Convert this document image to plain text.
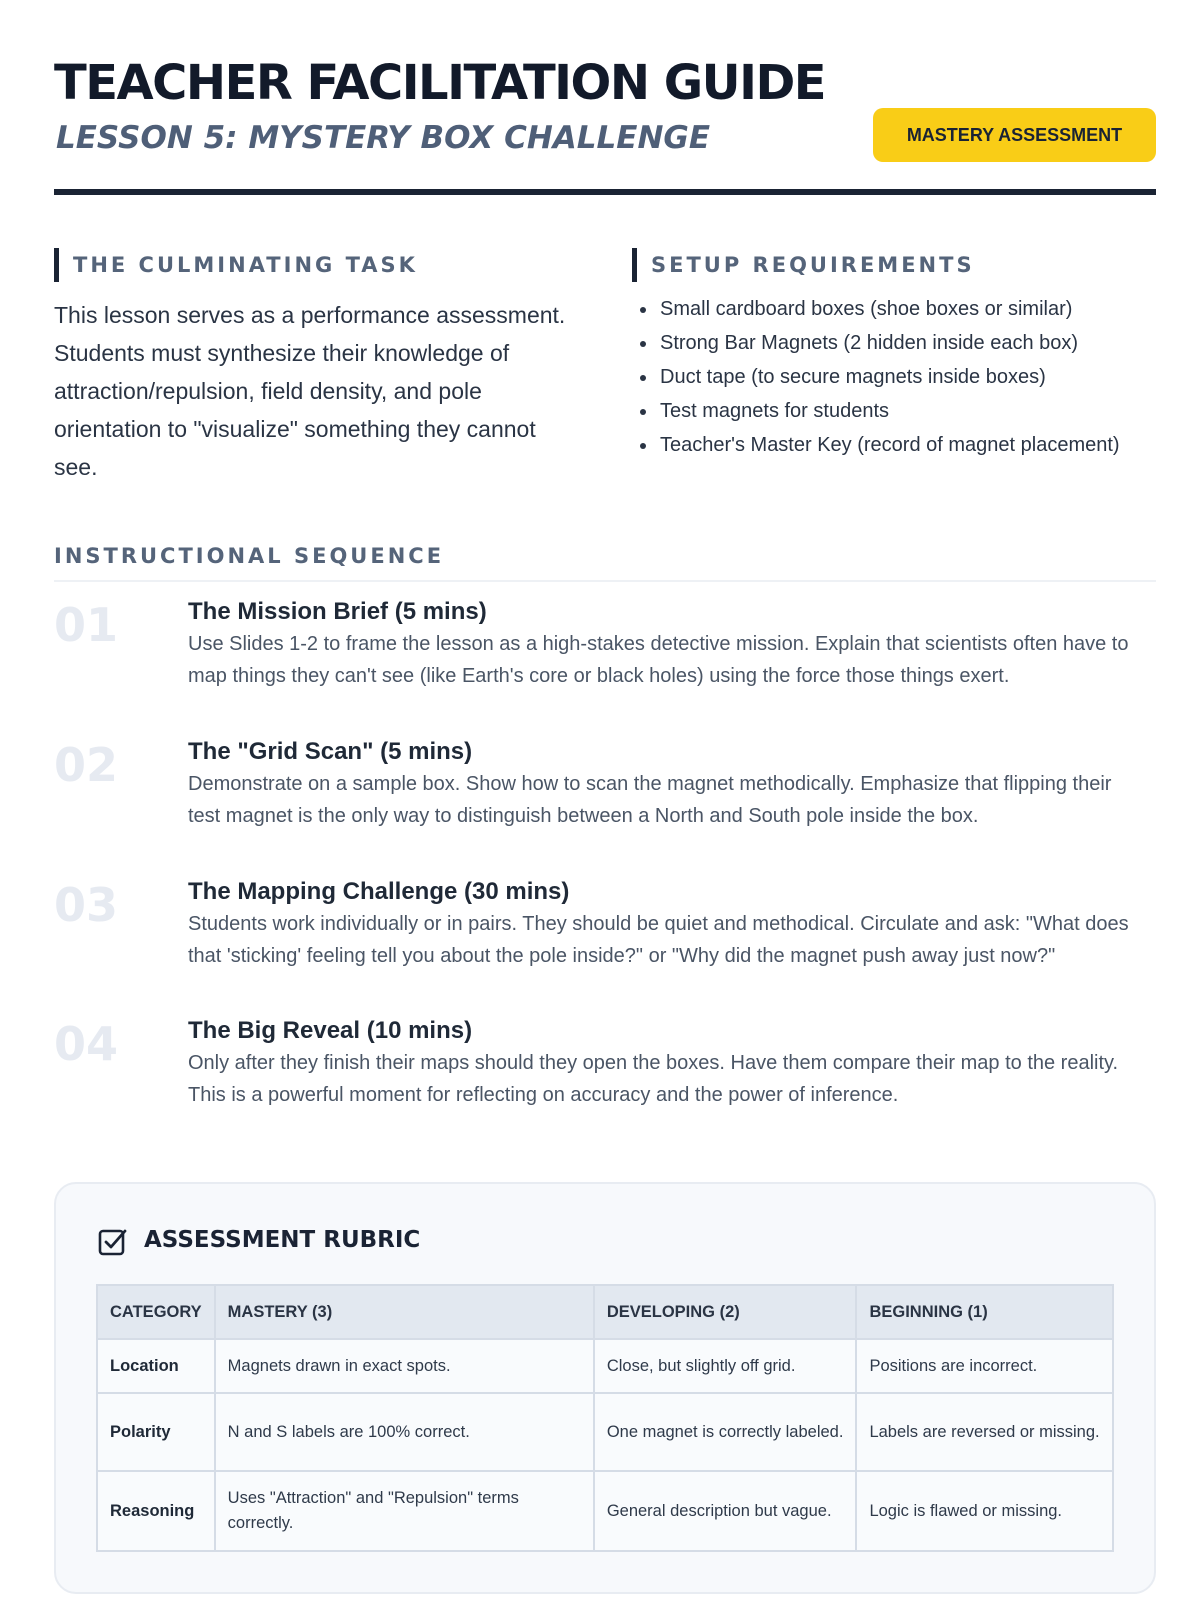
TEACHER FACILITATION GUIDE
LESSON 5: MYSTERY BOX CHALLENGE	MASTERY ASSESSMENT
THE CULMINATING TASK

This lesson serves as a performance assessment. Students must synthesize their knowledge of attraction/repulsion, field density, and pole orientation to "visualize" something they cannot see.

SETUP REQUIREMENTS
Small cardboard boxes (shoe boxes or similar)
Strong Bar Magnets (2 hidden inside each box)
Duct tape (to secure magnets inside boxes)
Test magnets for students
Teacher's Master Key (record of magnet placement)
INSTRUCTIONAL SEQUENCE
01	The Mission Brief (5 mins)

Use Slides 1-2 to frame the lesson as a high-stakes detective mission. Explain that scientists often have to map things they can't see (like Earth's core or black holes) using the force those things exert.

02	The "Grid Scan" (5 mins)

Demonstrate on a sample box. Show how to scan the magnet methodically. Emphasize that flipping their test magnet is the only way to distinguish between a North and South pole inside the box.

03	The Mapping Challenge (30 mins)

Students work individually or in pairs. They should be quiet and methodical. Circulate and ask: "What does that 'sticking' feeling tell you about the pole inside?" or "Why did the magnet push away just now?"

04	The Big Reveal (10 mins)

Only after they finish their maps should they open the boxes. Have them compare their map to the reality. This is a powerful moment for reflecting on accuracy and the power of inference.

ASSESSMENT RUBRIC
CATEGORY	MASTERY (3)	DEVELOPING (2)	BEGINNING (1)
Location	Magnets drawn in exact spots.	Close, but slightly off grid.	Positions are incorrect.
Polarity	N and S labels are 100% correct.	One magnet is correctly labeled.	Labels are reversed or missing.
Reasoning	Uses "Attraction" and "Repulsion" terms correctly.	General description but vague.	Logic is flawed or missing.
